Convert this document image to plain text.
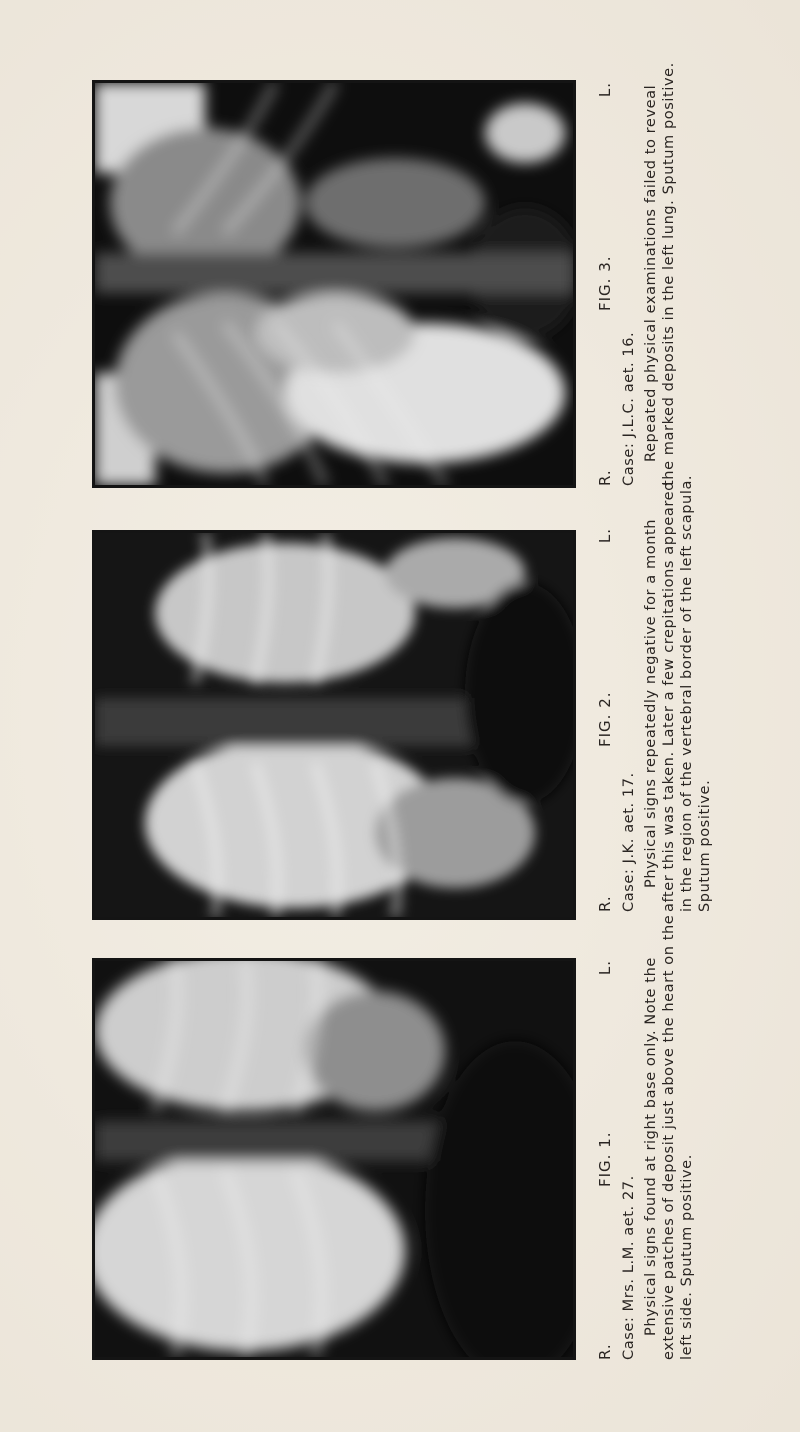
R.
FIG. 1.
L.
Case: Mrs. L.M. aet. 27. Physical signs found at right base only. Note the extensive patches of deposit just above the heart on the left side. Sputum positive.
R.
FIG. 2.
L.
Case: J.K. aet. 17. Physical signs repeatedly negative for a month after this was taken. Later a few crepitations appeared in the region of the vertebral border of the left scapula. Sputum positive.
R.
FIG. 3.
L.
Case: J.L.C. aet. 16. Repeated physical examinations failed to reveal the marked deposits in the left lung. Sputum positive.
